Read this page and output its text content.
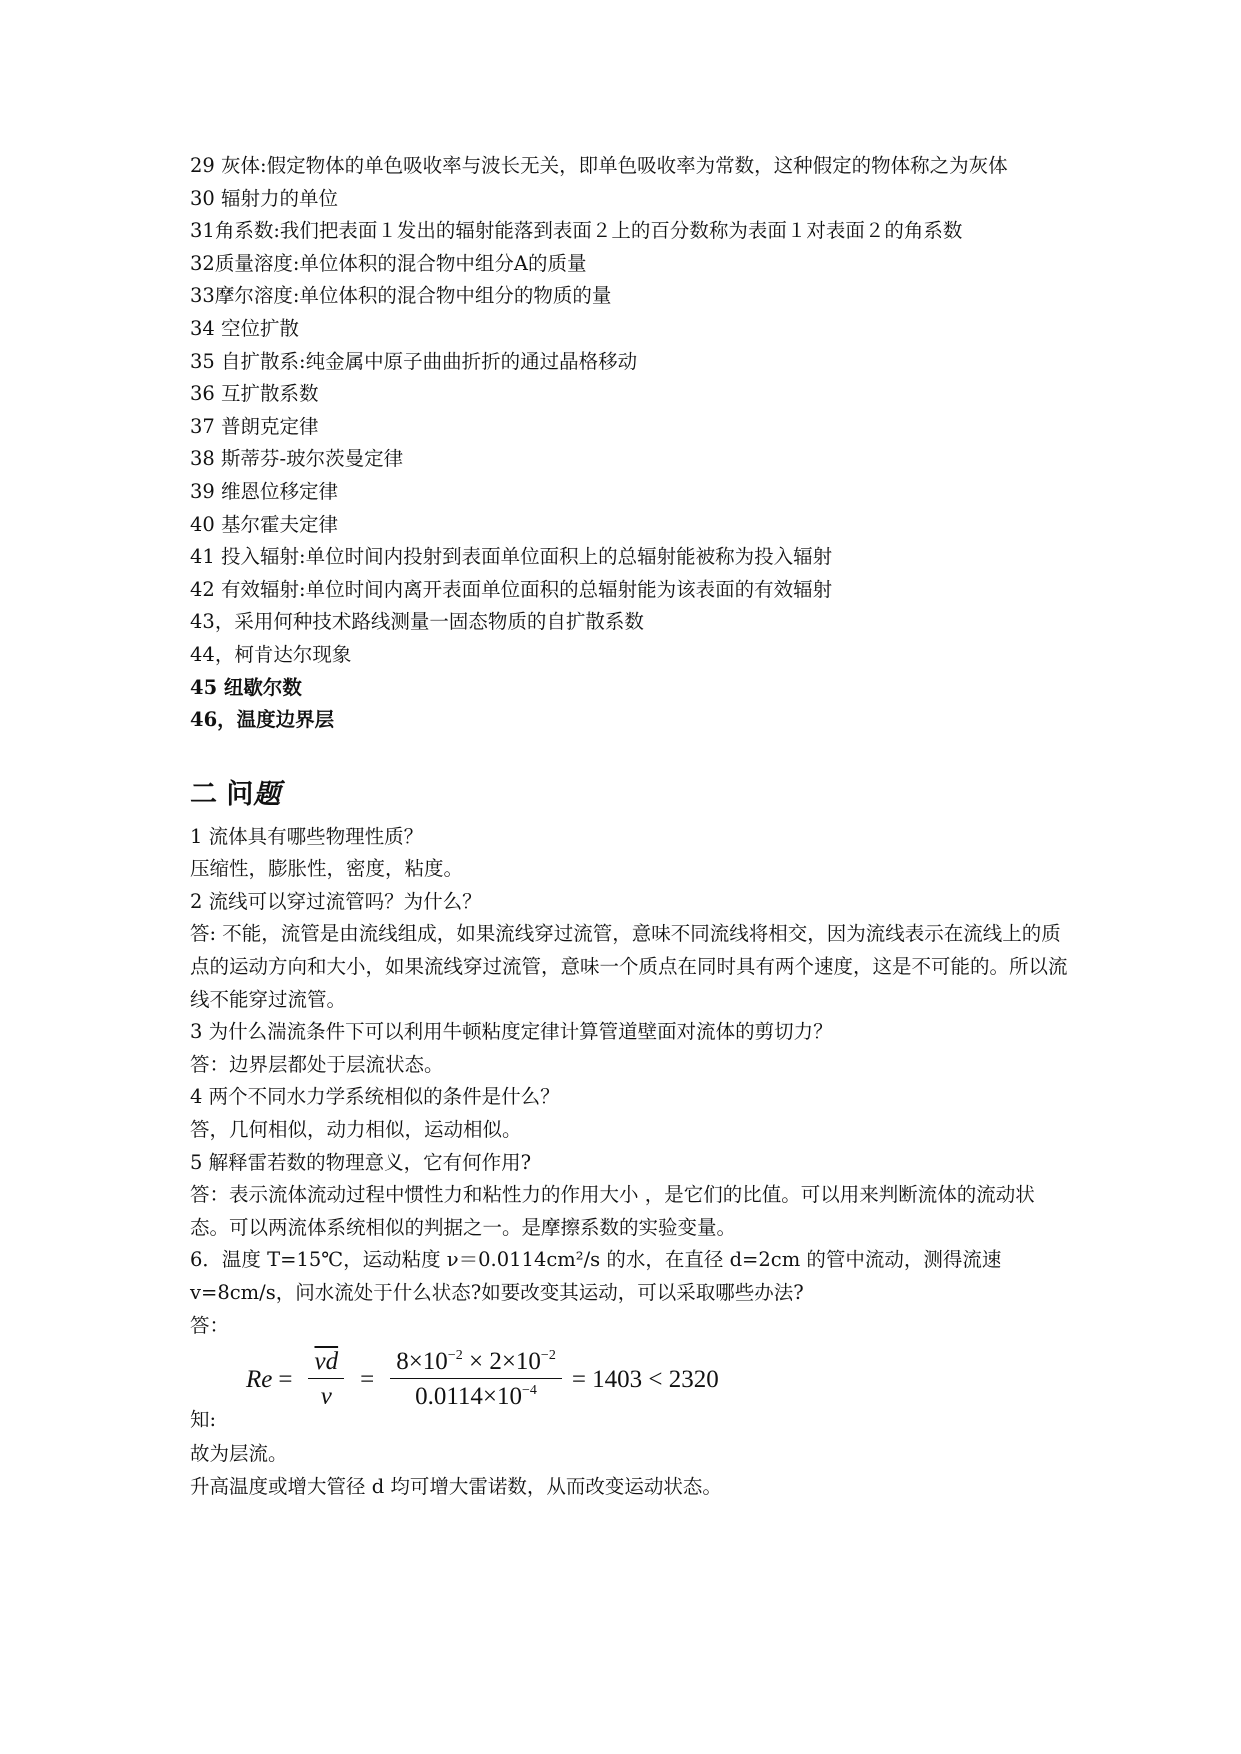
29 灰体:假定物体的单色吸收率与波长无关，即单色吸收率为常数，这种假定的物体称之为灰体
30 辐射力的单位
31角系数:我们把表面１发出的辐射能落到表面２上的百分数称为表面１对表面２的角系数
32质量溶度:单位体积的混合物中组分A的质量
33摩尔溶度:单位体积的混合物中组分的物质的量
34 空位扩散
35 自扩散系:纯金属中原子曲曲折折的通过晶格移动
36 互扩散系数
37 普朗克定律
38 斯蒂芬-玻尔茨曼定律
39 维恩位移定律
40 基尔霍夫定律
41 投入辐射:单位时间内投射到表面单位面积上的总辐射能被称为投入辐射
42 有效辐射:单位时间内离开表面单位面积的总辐射能为该表面的有效辐射
43，采用何种技术路线测量一固态物质的自扩散系数
44，柯肯达尔现象
45 纽歇尔数
46，温度边界层
二 问题
1 流体具有哪些物理性质？
压缩性，膨胀性，密度，粘度。
2 流线可以穿过流管吗？为什么？
答: 不能，流管是由流线组成，如果流线穿过流管，意味不同流线将相交，因为流线表示在流线上的质点的运动方向和大小，如果流线穿过流管，意味一个质点在同时具有两个速度，这是不可能的。所以流线不能穿过流管。
3 为什么湍流条件下可以利用牛顿粘度定律计算管道壁面对流体的剪切力？
答：边界层都处于层流状态。
4 两个不同水力学系统相似的条件是什么？
答，几何相似，动力相似，运动相似。
5 解释雷若数的物理意义，它有何作用?
答：表示流体流动过程中惯性力和粘性力的作用大小 ，是它们的比值。可以用来判断流体的流动状态。可以两流体系统相似的判据之一。是摩擦系数的实验变量。
6．温度 T=15℃，运动粘度 ν＝0.0114cm²/s 的水，在直径 d=2cm 的管中流动，测得流速 v=8cm/s，问水流处于什么状态?如要改变其运动，可以采取哪些办法?
答：
知:
$Re = \frac{\overline{vd}}{\nu} = \frac{8\times 10^{-2} \times 2\times 10^{-2}}{0.0114\times 10^{-4}} = 1403 < 2320$
故为层流。
升高温度或增大管径 d 均可增大雷诺数，从而改变运动状态。
